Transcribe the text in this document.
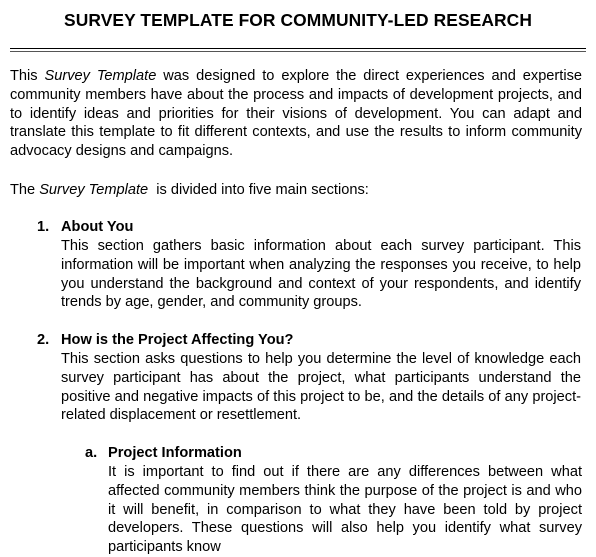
SURVEY TEMPLATE FOR COMMUNITY-LED RESEARCH
This Survey Template was designed to explore the direct experiences and expertise community members have about the process and impacts of development projects, and to identify ideas and priorities for their visions of development. You can adapt and translate this template to fit different contexts, and use the results to inform community advocacy designs and campaigns.
The Survey Template  is divided into five main sections:
1. About You
This section gathers basic information about each survey participant. This information will be important when analyzing the responses you receive, to help you understand the background and context of your respondents, and identify trends by age, gender, and community groups.
2. How is the Project Affecting You?
This section asks questions to help you determine the level of knowledge each survey participant has about the project, what participants understand the positive and negative impacts of this project to be, and the details of any project-related displacement or resettlement.
a. Project Information
It is important to find out if there are any differences between what affected community members think the purpose of the project is and who it will benefit, in comparison to what they have been told by project developers. These questions will also help you identify what survey participants know
